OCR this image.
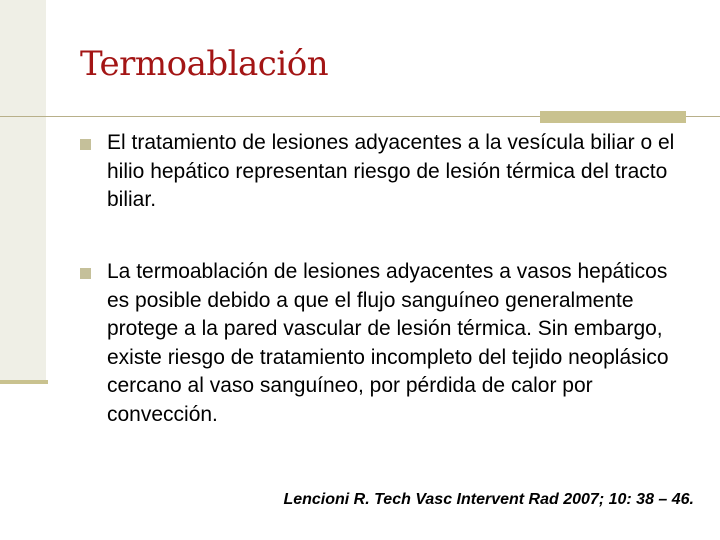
Termoablación
El tratamiento de lesiones adyacentes a la vesícula biliar o el hilio hepático representan riesgo de lesión térmica del tracto biliar.
La termoablación de lesiones adyacentes a vasos hepáticos es posible debido a que el flujo sanguíneo generalmente protege a la pared vascular de lesión térmica. Sin embargo, existe riesgo de tratamiento incompleto del tejido neoplásico cercano al vaso sanguíneo, por pérdida de calor por convección.
Lencioni R. Tech Vasc Intervent Rad 2007; 10: 38 – 46.
